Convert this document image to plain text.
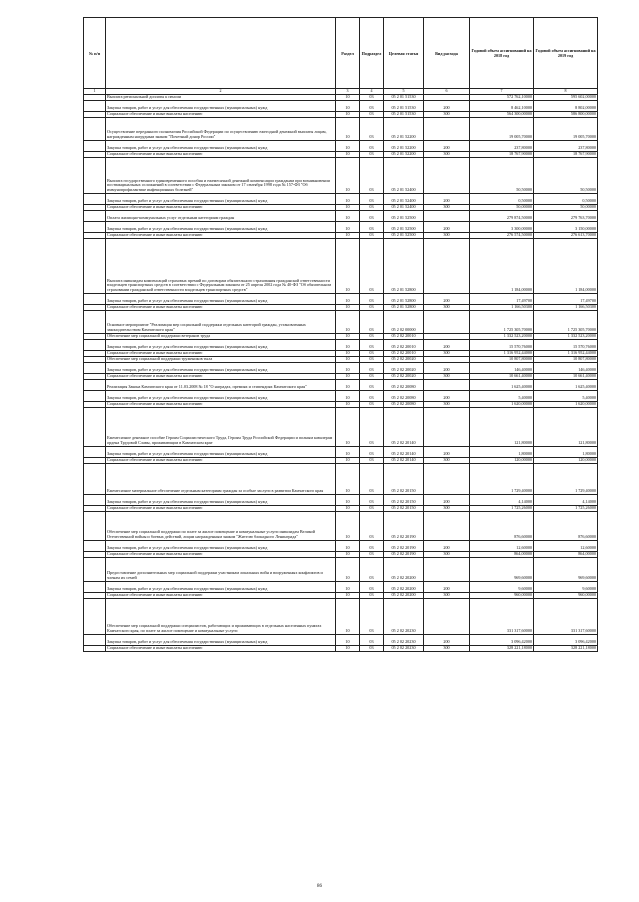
№ п/п		Раздел	Подраздел	Целевая статья	Вид расхода	Годовой объем ассигнований на 2018 год	Годовой объем ассигнований на 2019 год
1	2	3	4	5	6	7	8
	Выплата региональной доплаты к пенсии	10	03	05 2 01 51530		572 762,10000	595 602,00000
	Закупка товаров, работ и услуг для обеспечения государственных (муниципальных) нужд	10	03	05 2 01 51530	200	8 462,10000	8 802,00000
	Социальное обеспечение и иные выплаты населению	10	03	05 2 01 51530	300	564 300,00000	586 800,00000
	Осуществление переданного полномочия Российской Федерации по осуществлению ежегодной денежной выплаты лицам, награжденным нагрудным знаком "Почетный донор России"	10	03	05 2 01 52200		19 005,70000	19 005,70000
	Закупка товаров, работ и услуг для обеспечения государственных (муниципальных) нужд	10	03	05 2 01 52200	200	237,80000	237,80000
	Социальное обеспечение и иные выплаты населению	10	03	05 2 01 52200	300	18 767,90000	18 767,90000
	Выплата государственного единовременного пособия и ежемесячной денежной компенсации гражданам при возникновении поствакцинальных осложнений в соответствии с Федеральным законом от 17 сентября 1998 года № 157-ФЗ "Об иммунопрофилактике инфекционных болезней"	10	03	05 2 01 52400		50,50000	50,50000
	Закупка товаров, работ и услуг для обеспечения государственных (муниципальных) нужд	10	03	05 2 01 52400	200	0,50000	0,50000
	Социальное обеспечение и иные выплаты населению	10	03	05 2 01 52400	300	50,00000	50,00000
	Оплата жилищно-коммунальных услуг отдельным категориям граждан	10	03	05 2 01 52500		279 874,50000	279 763,70000
	Закупка товаров, работ и услуг для обеспечения государственных (муниципальных) нужд	10	03	05 2 01 52500	200	3 300,00000	3 150,00000
	Социальное обеспечение и иные выплаты населению	10	03	05 2 01 52500	300	276 574,50000	276 613,70000
	Выплата инвалидам компенсаций страховых премий по договорам обязательного страхования гражданской ответственности владельцев транспортных средств в соответствии с Федеральным законом от 25 апреля 2002 года № 40-ФЗ "Об обязательном страховании гражданской ответственности владельцев транспортных средств"	10	03	05 2 01 52800		1 184,00000	1 184,00000
	Закупка товаров, работ и услуг для обеспечения государственных (муниципальных) нужд	10	03	05 2 01 52800	200	17,49700	17,49700
	Социальное обеспечение и иные выплаты населению	10	03	05 2 01 52800	300	1 166,50300	1 166,50300
	Основное мероприятие "Реализация мер социальной поддержки отдельных категорий граждан, установленных законодательством Камчатского края"	10	03	05 2 02 00000		1 725 305,70000	1 725 305,70000
	Обеспечение мер социальной поддержки ветеранов труда	10	03	05 2 02 20010		1 332 523,20000	1 332 523,20000
	Закупка товаров, работ и услуг для обеспечения государственных (муниципальных) нужд	10	03	05 2 02 20010	200	15 570,76000	15 570,76000
	Социальное обеспечение и иные выплаты населению	10	03	05 2 02 20010	300	1 316 952,44000	1 316 952,44000
	Обеспечение мер социальной поддержки тружеников тыла	10	03	05 2 02 20020		10 807,80000	10 807,80000
	Закупка товаров, работ и услуг для обеспечения государственных (муниципальных) нужд	10	03	05 2 02 20020	200	146,40000	146,40000
	Социальное обеспечение и иные выплаты населению	10	03	05 2 02 20020	300	10 661,40000	10 661,40000
	Реализация Закона Камчатского края от 11.03.2008 № 18 "О наградах, премиях и стипендиях Камчатского края"	10	03	05 2 02 20080		1 625,40000	1 625,40000
	Закупка товаров, работ и услуг для обеспечения государственных (муниципальных) нужд	10	03	05 2 02 20080	200	5,40000	5,40000
	Социальное обеспечение и иные выплаты населению	10	03	05 2 02 20080	300	1 620,00000	1 620,00000
	Ежемесячное денежное пособие Героям Социалистического Труда, Героям Труда Российской Федерации и полным кавалерам ордена Трудовой Славы, проживающим в Камчатском крае	10	03	05 2 02 20140		121,80000	121,80000
	Закупка товаров, работ и услуг для обеспечения государственных (муниципальных) нужд	10	03	05 2 02 20140	200	1,80000	1,80000
	Социальное обеспечение и иные выплаты населению	10	03	05 2 02 20140	300	120,00000	120,00000
	Ежемесячное материальное обеспечение отдельным категориям граждан за особые заслуги в развитии Камчатского края	10	03	05 2 02 20150		1 729,40000	1 729,40000
	Закупка товаров, работ и услуг для обеспечения государственных (муниципальных) нужд	10	03	05 2 02 20150	200	4,14000	4,14000
	Социальное обеспечение и иные выплаты населению	10	03	05 2 02 20150	300	1 725,26000	1 725,26000
	Обеспечение мер социальной поддержки по плате за жилое помещение и коммунальные услуги инвалидам Великой Отечественной войны и боевых действий, лицам награжденным знаком "Жителю блокадного Ленинграда"	10	03	05 2 02 20190		876,60000	876,60000
	Закупка товаров, работ и услуг для обеспечения государственных (муниципальных) нужд	10	03	05 2 02 20190	200	12,60000	12,60000
	Социальное обеспечение и иные выплаты населению	10	03	05 2 02 20190	300	864,00000	864,00000
	Предоставление дополнительных мер социальной поддержки участникам локальных войн и вооруженных конфликтов и членам их семей	10	03	05 2 02 20200		969,60000	969,60000
	Закупка товаров, работ и услуг для обеспечения государственных (муниципальных) нужд	10	03	05 2 02 20200	200	9,60000	9,60000
	Социальное обеспечение и иные выплаты населению	10	03	05 2 02 20200	300	960,00000	960,00000
	Обеспечение мер социальной поддержки специалистов, работающих и проживающих в отдельных населенных пунктах Камчатского края, по плате за жилое помещение и коммунальные услуги	10	03	05 2 02 20230		331 317,60000	331 317,60000
	Закупка товаров, работ и услуг для обеспечения государственных (муниципальных) нужд	10	03	05 2 02 20230	200	3 096,42000	3 096,42000
	Социальное обеспечение и иные выплаты населению	10	03	05 2 02 20230	300	328 221,18000	328 221,18000
86
